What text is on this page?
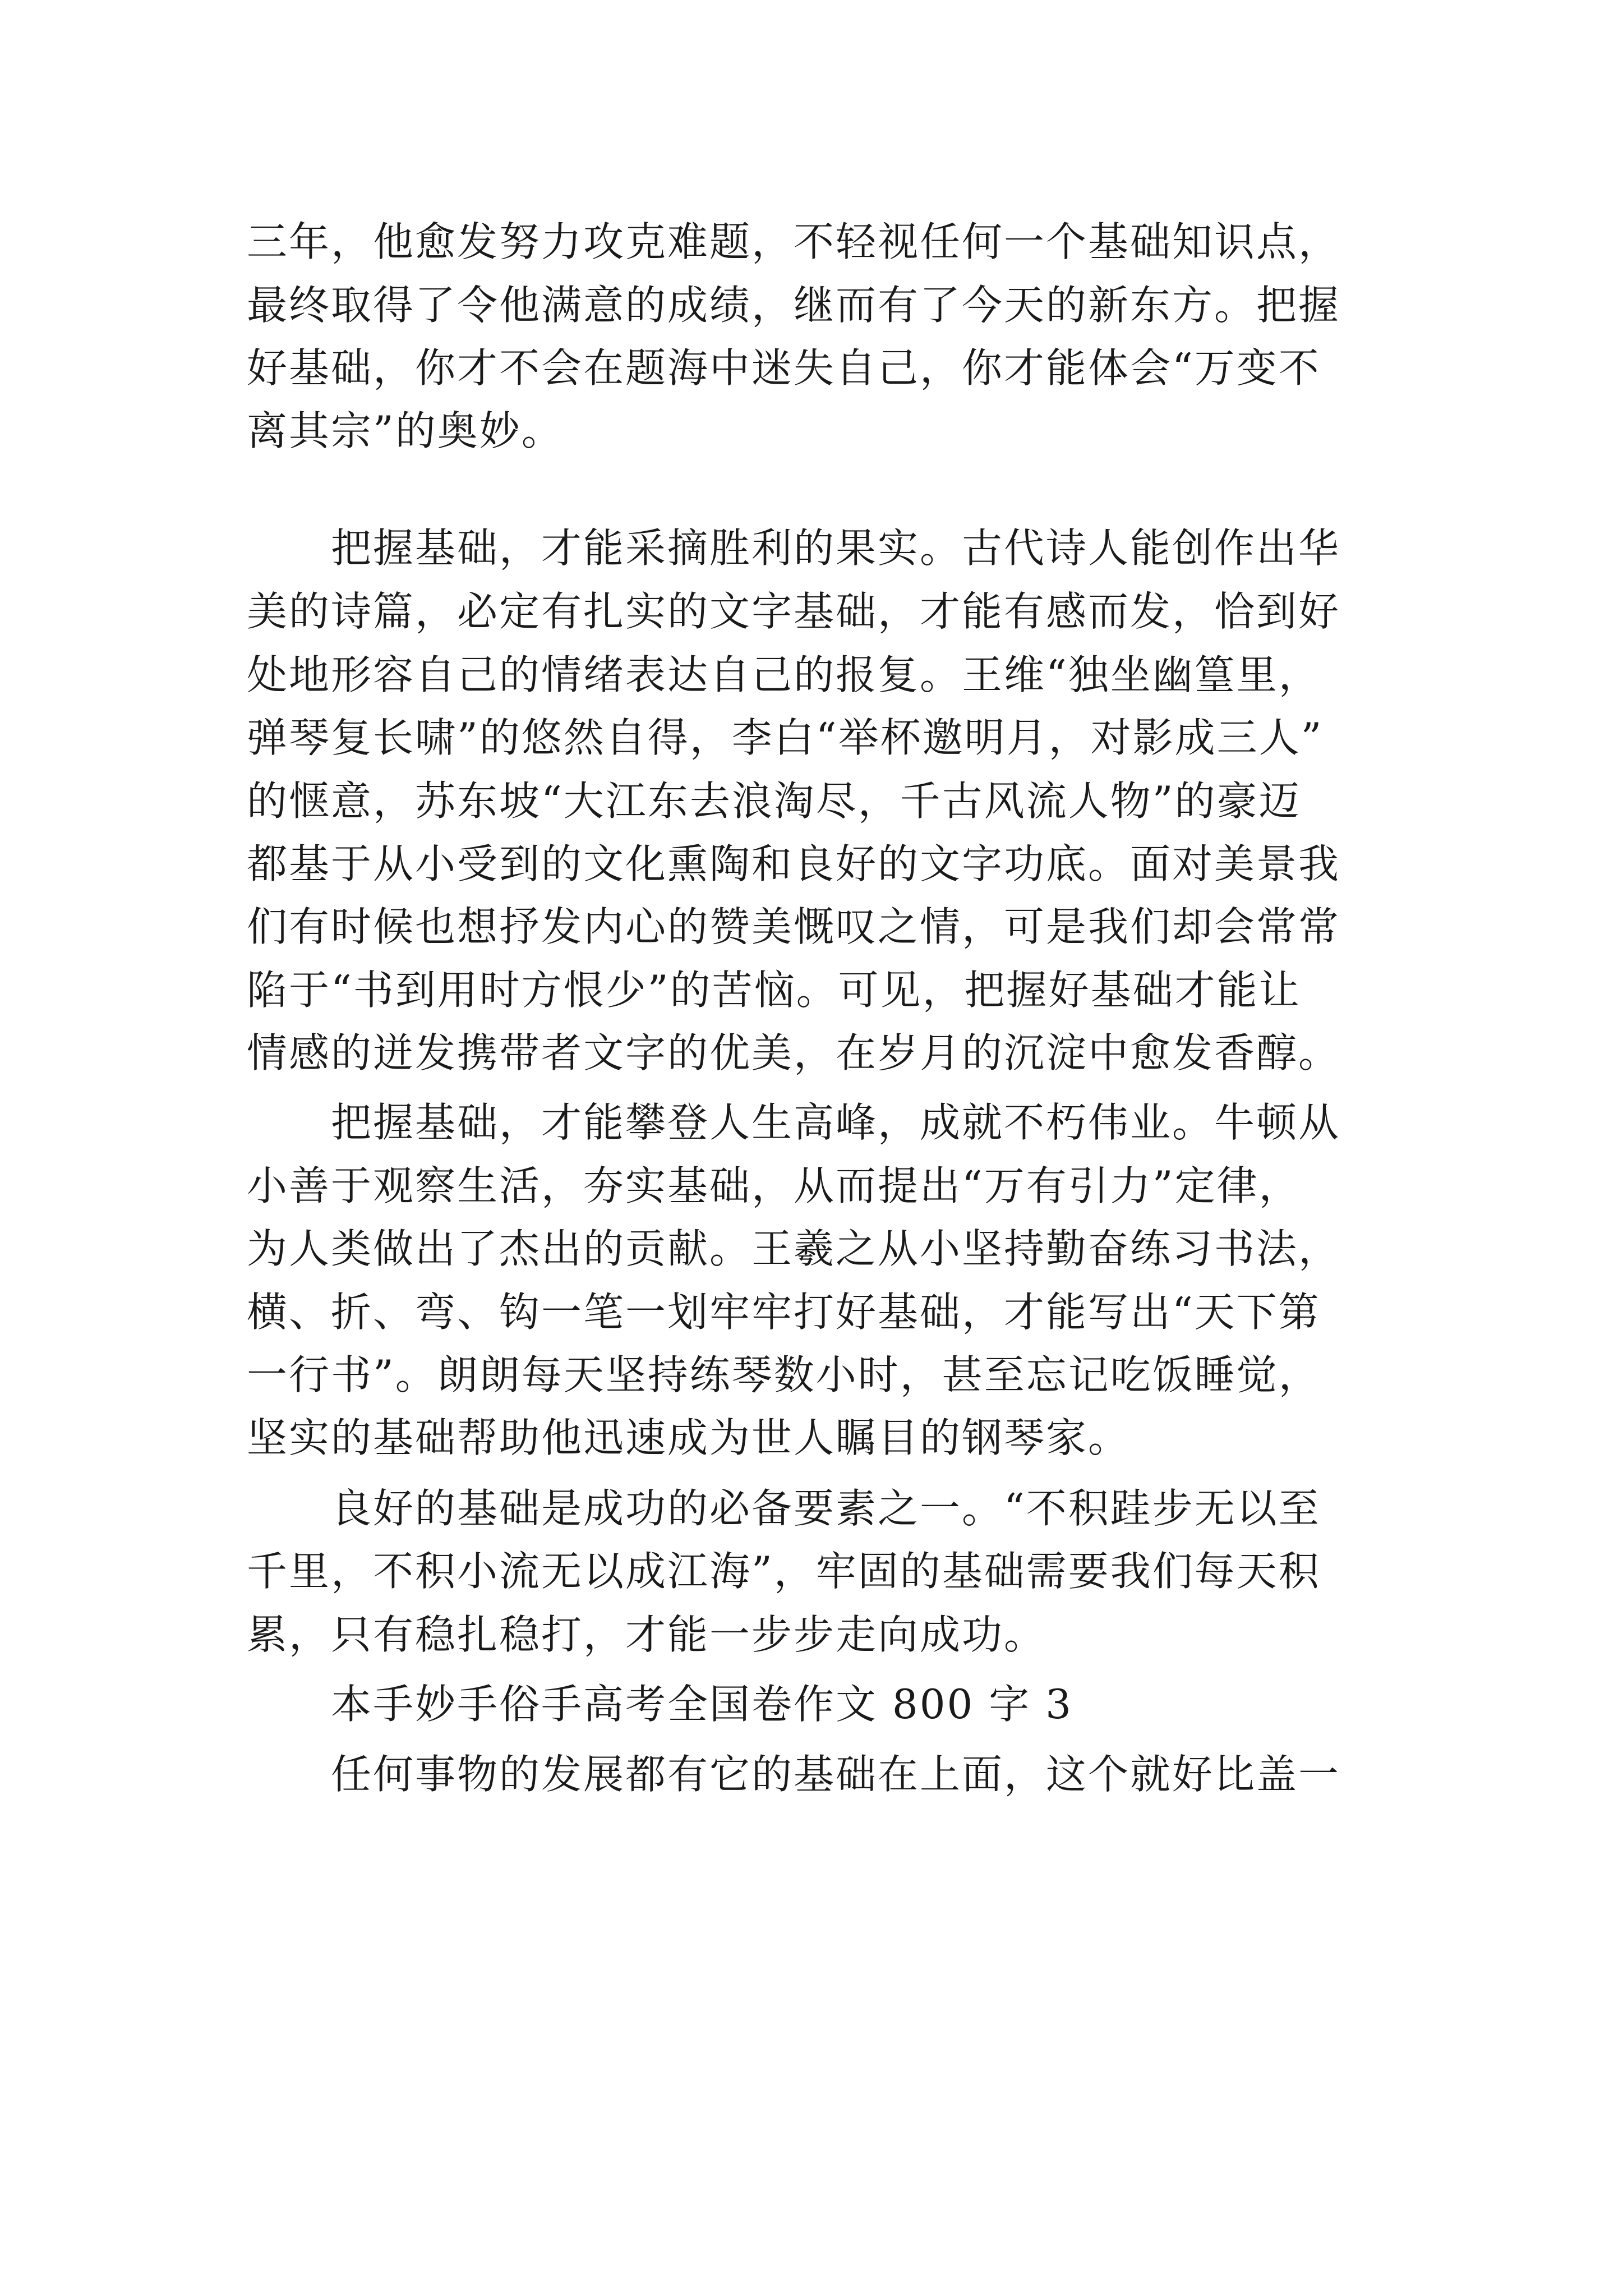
三年，他愈发努力攻克难题，不轻视任何一个基础知识点，
最终取得了令他满意的成绩，继而有了今天的新东方。把握
好基础，你才不会在题海中迷失自己，你才能体会“万变不
离其宗”的奥妙。
把握基础，才能采摘胜利的果实。古代诗人能创作出华
美的诗篇，必定有扎实的文字基础，才能有感而发，恰到好
处地形容自己的情绪表达自己的报复。王维“独坐幽篁里，
弹琴复长啸”的悠然自得，李白“举杯邀明月，对影成三人”
的惬意，苏东坡“大江东去浪淘尽，千古风流人物”的豪迈
都基于从小受到的文化熏陶和良好的文字功底。面对美景我
们有时候也想抒发内心的赞美慨叹之情，可是我们却会常常
陷于“书到用时方恨少”的苦恼。可见，把握好基础才能让
情感的迸发携带者文字的优美，在岁月的沉淀中愈发香醇。
把握基础，才能攀登人生高峰，成就不朽伟业。牛顿从
小善于观察生活，夯实基础，从而提出“万有引力”定律，
为人类做出了杰出的贡献。王羲之从小坚持勤奋练习书法，
横、折、弯、钩一笔一划牢牢打好基础，才能写出“天下第
一行书”。朗朗每天坚持练琴数小时，甚至忘记吃饭睡觉，
坚实的基础帮助他迅速成为世人瞩目的钢琴家。
良好的基础是成功的必备要素之一。“不积跬步无以至
千里，不积小流无以成江海”，牢固的基础需要我们每天积
累，只有稳扎稳打，才能一步步走向成功。
本手妙手俗手高考全国卷作文 800 字 3
任何事物的发展都有它的基础在上面，这个就好比盖一
